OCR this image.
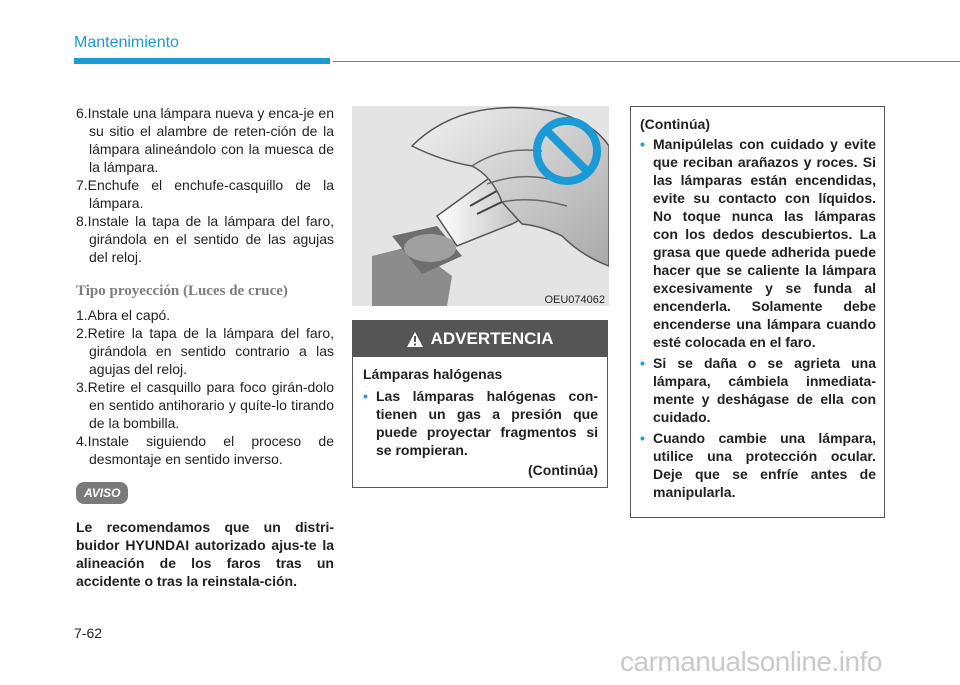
Mantenimiento

6.Instale una lámpara nueva y enca-je en su sitio el alambre de reten-ción de la lámpara alineándolo con la muesca de la lámpara.

7.Enchufe el enchufe-casquillo de la lámpara.

8.Instale la tapa de la lámpara del faro, girándola en el sentido de las agujas del reloj.

Tipo proyección (Luces de cruce)

1.Abra el capó.

2.Retire la tapa de la lámpara del faro, girándola en sentido contrario a las agujas del reloj.

3.Retire el casquillo para foco girán-dolo en sentido antihorario y quíte-lo tirando de la bombilla.

4.Instale siguiendo el proceso de desmontaje en sentido inverso.

AVISO

Le recomendamos que un distri-buidor HYUNDAI autorizado ajus-te la alineación de los faros tras un accidente o tras la reinstala-ción.

OEU074062
ADVERTENCIA

Lámparas halógenas

• Las lámparas halógenas con-tienen un gas a presión que puede proyectar fragmentos si se rompieran.

(Continúa)

(Continúa)

• Manipúlelas con cuidado y evite que reciban arañazos y roces. Si las lámparas están encendidas, evite su contacto con líquidos. No toque nunca las lámparas con los dedos descubiertos. La grasa que quede adherida puede hacer que se caliente la lámpara excesivamente y se funda al encenderla. Solamente debe encenderse una lámpara cuando esté colocada en el faro.

• Si se daña o se agrieta una lámpara, cámbiela inmediata-mente y deshágase de ella con cuidado.

• Cuando cambie una lámpara, utilice una protección ocular. Deje que se enfríe antes de manipularla.

7-62
carmanualsonline.info
